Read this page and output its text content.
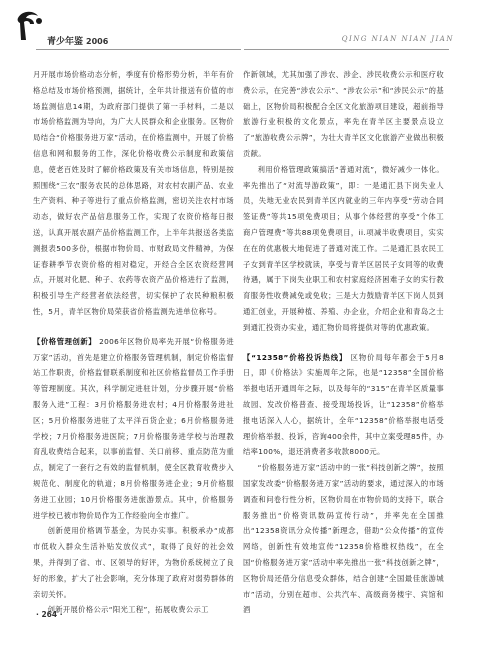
青少年鉴 2006	QING NIAN NIAN JIAN

月开展市场价格动态分析，季度有价格形势分析，半年有价格总结及市场价格预测，据统计，全年共计报送有价值的市场监测信息14期，为政府部门提供了第一手材料，二是以市场价格监测为导向，为广大人民群众和企业服务。区物价局结合“价格服务进万家”活动，在价格监测中，开展了价格信息和网和服务的工作，深化价格收费公示制度和政策信息，使老百姓及时了解价格政策及有关市场信息，特别是按照围绕“三农”服务农民的总体思路，对农村农副产品、农业生产资料、种子等进行了重点价格监测，密切关注农村市场动态，做好农产品信息服务工作，实现了农资价格每日报送，认真开展农副产品价格监测工作，上半年共报送各类监测报表500多份，根据市物价局、市财政局文件精神，为保证春耕季节农资价格的相对稳定，开经合全区农资经营网点，开展对化肥、种子、农药等农资产品价格进行了监测，积极引导生产经营者依法经营，切实保护了农民种粮积极性，5月，青羊区物价局荣获省价格监测先进单位称号。

【价格管理创新】 2006年区物价局率先开展“价格服务进万家”活动，首先是建立价格服务管理机制，制定价格监督站工作职责，价格监督联系制度和社区价格监督员工作手册等管理制度。其次，科学制定进驻计划，分步骤开展“价格服务入进”工程：3月价格服务进农村；4月价格服务进社区；5月价格服务进驻了太平洋百货企业；6月价格服务进学校；7月价格服务进医院；7月价格服务进学校与治理教育乱收费结合起来，以事前监督、关口前移、重点防范为重点，制定了一套行之有效的监督机制，使全区教育收费步入规范化、制度化的轨道；8月价格服务进企业；9月价格服务进工业园；10月价格服务进旅游景点。其中，价格服务进学校已被市物价局作为工作经验向全市推广。

创新使用价格调节基金，为民办实事。积极承办“成都市低收入群众生活补贴发放仪式”，取得了良好的社会效果，并得到了省、市、区领导的好评，为物价系统树立了良好的形象，扩大了社会影响，充分体现了政府对弱势群体的亲切关怀。

创新开展价格公示“阳光工程”，拓展收费公示工

作新领域，尤其加强了涉农、涉企、涉民收费公示和医疗收费公示，在完善“涉农公示”、“涉农公示”和“涉民公示”的基础上，区物价局积极配合全区文化旅游项目建设，超前指导旅游行业积极的文化景点，率先在青羊区主要景点设立了“旅游收费公示牌”，为壮大青羊区文化旅游产业做出积极贡献。

利用价格管理政策搞活“普通对流”，微好减少一体化。率先推出了“对流导游政策”，即：一是通汇县下岗失业人员，失地无业农民到青羊区内就业的三年内享受“劳动合同签证费”等共15项免费项目；从事个体经营的享受“个体工商户管理费”等共88项免费项目，ii.项减半收费项目，实实在在的优惠极大地促进了普通对流工作。二是通汇县农民工子女到青羊区学校就读，享受与青羊区居民子女同等的收费待遇，属于下岗失业职工和农村家庭经济困难子女的实行教育服务性收费减免或免收；三是大力鼓励青羊区下岗人员到通汇创业，开展种植、养殖、办企业，介绍企业和青岛之士到通汇投资办实业，通汇物价局将提供对等的优惠政策。

【“12358”价格投诉热线】 区物价局每年都会于5月8日，即《价格法》实施周年之际，也是“12358”全国价格举报电话开通周年之际，以及每年的“315”在青羊区质量事故园、发改价格普查、接受现场投诉，让“12358”价格举报电话深入人心，据统计，全年“12358”价格举报电话受理价格举报、投诉，咨询400余件，其中立案受理85件，办结率100%，退还消费者多收款8000元。

“价格服务进万家”活动中的一张“科技创新之牌”，按照国家发改委“价格服务进万家”活动的要求，通过深入的市场调查和问卷行性分析，区物价局在市物价局的支持下，联合服务推出“价格资讯数码宣传行动”，并率先在全国推出“12358资讯分众传播”新理念，借助“公众传播”的宣传网络，创新性有效地宣传“12358价格维权热线”，在全国“价格服务进万家”活动中率先推出一张“科技创新之牌”，区物价局还借分信息受众群体，结合创建“全国最佳旅游城市”活动，分别在超市、公共汽车、高级商务楼宇、宾馆和酒

· 264 ·
